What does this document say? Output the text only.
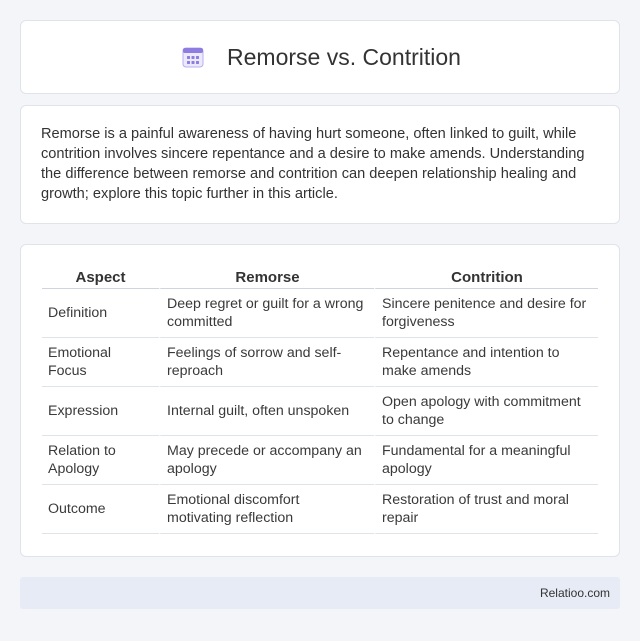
Remorse vs. Contrition

Remorse is a painful awareness of having hurt someone, often linked to guilt, while contrition involves sincere repentance and a desire to make amends. Understanding the difference between remorse and contrition can deepen relationship healing and growth; explore this topic further in this article.

Aspect	Remorse	Contrition
Definition	Deep regret or guilt for a wrong committed	Sincere penitence and desire for forgiveness
Emotional Focus	Feelings of sorrow and self-reproach	Repentance and intention to make amends
Expression	Internal guilt, often unspoken	Open apology with commitment to change
Relation to Apology	May precede or accompany an apology	Fundamental for a meaningful apology
Outcome	Emotional discomfort motivating reflection	Restoration of trust and moral repair
Relatioo.com
